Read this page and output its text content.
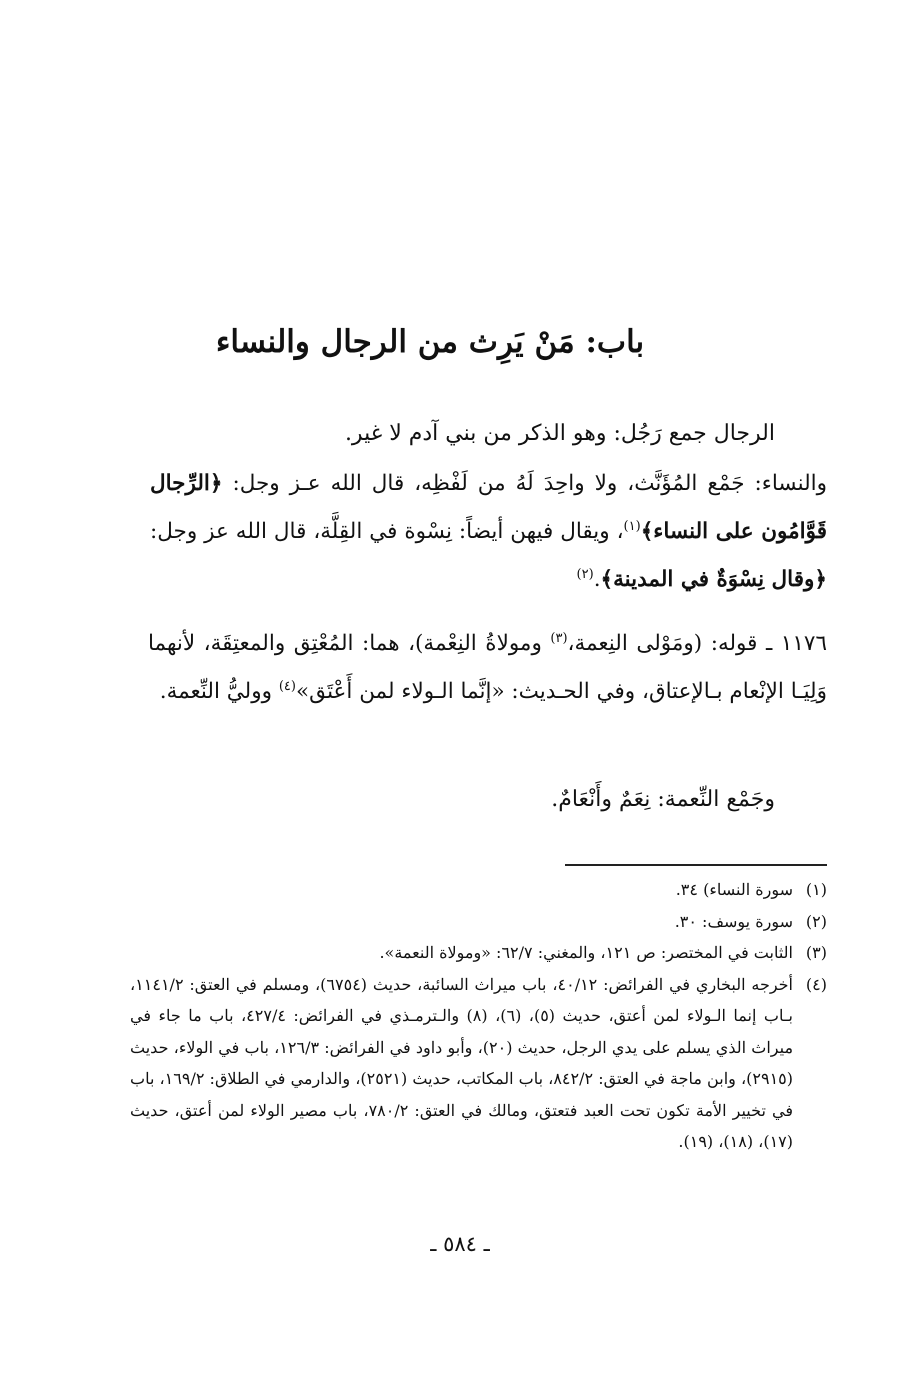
باب: مَنْ يَرِث من الرجال والنساء

الرجال جمع رَجُل: وهو الذكر من بني آدم لا غير.

والنساء: جَمْع المُؤَنَّث، ولا واحِدَ لَهُ من لَفْظِه، قال الله عـز وجل: ﴿الرِّجال قَوَّامُون على النساء﴾$^{(١)}$، ويقال فيهن أيضاً: نِسْوة في القِلَّة، قال الله عز وجل: ﴿وقال نِسْوَةٌ في المدينة﴾.$^{(٢)}$

١١٧٦ ـ قوله: (ومَوْلى النِعمة،$^{(٣)}$ ومولاةُ النِعْمة)، هما: المُعْتِق والمعتِقَة، لأنهما وَلِيَـا الإنْعام بـالإعتاق، وفي الحـديث: «إنَّما الـولاء لمن أَعْتَق»$^{(٤)}$ ووليُّ النِّعمة.

وجَمْع النِّعمة: نِعَمٌ وأَنْعَامٌ.

(١)
سورة النساء) ٣٤.
(٢)
سورة يوسف: ٣٠.
(٣)
الثابت في المختصر: ص ١٢١، والمغني: ٦٢/٧: «ومولاة النعمة».
(٤)
أخرجه البخاري في الفرائض: ٤٠/١٢، باب ميراث السائبة، حديث (٦٧٥٤)، ومسلم في العتق: ١١٤١/٢، بـاب إنما الـولاء لمن أعتق، حديث (٥)، (٦)، (٨) والـترمـذي في الفرائض: ٤٢٧/٤، باب ما جاء في ميراث الذي يسلم على يدي الرجل، حديث (٢٠)، وأبو داود في الفرائض: ١٢٦/٣، باب في الولاء، حديث (٢٩١٥)، وابن ماجة في العتق: ٨٤٢/٢، باب المكاتب، حديث (٢٥٢١)، والدارمي في الطلاق: ١٦٩/٢، باب في تخيير الأمة تكون تحت العبد فتعتق، ومالك في العتق: ٧٨٠/٢، باب مصير الولاء لمن أعتق، حديث (١٧)، (١٨)، (١٩).
ـ ٥٨٤ ـ
